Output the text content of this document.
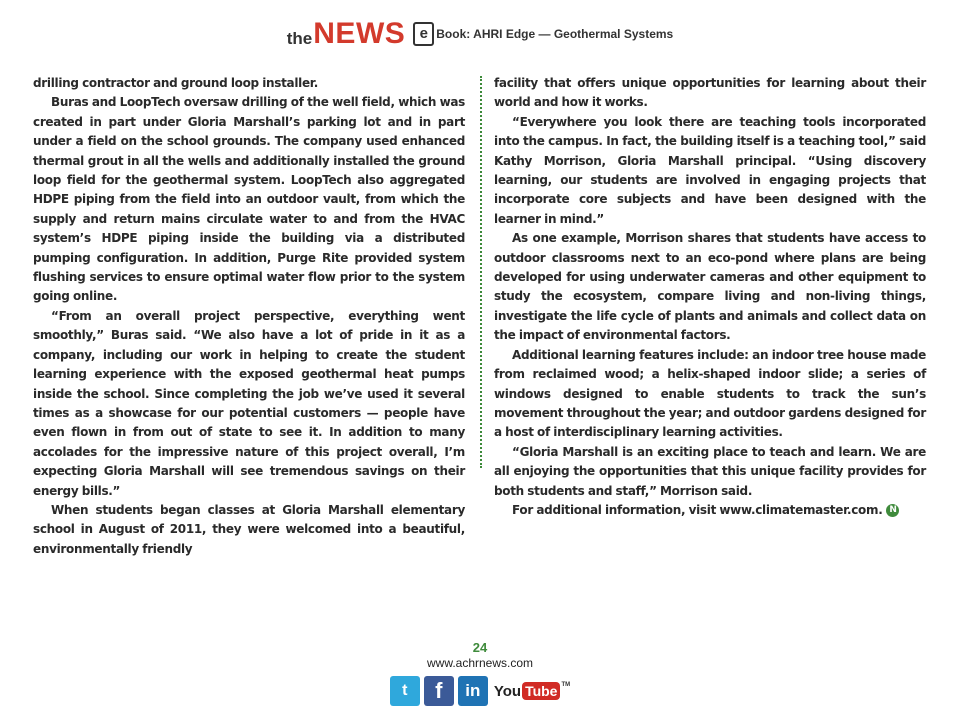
the NEWS e Book: AHRI Edge — Geothermal Systems

drilling contractor and ground loop installer.

Buras and LoopTech oversaw drilling of the well field, which was created in part under Gloria Marshall’s parking lot and in part under a field on the school grounds. The company used enhanced thermal grout in all the wells and additionally installed the ground loop field for the geothermal system. LoopTech also aggregated HDPE piping from the field into an outdoor vault, from which the supply and return mains circulate water to and from the HVAC system’s HDPE piping inside the building via a distributed pumping configuration. In addition, Purge Rite provided system flushing services to ensure optimal water flow prior to the system going online.

“From an overall project perspective, everything went smoothly,” Buras said. “We also have a lot of pride in it as a company, including our work in helping to create the student learning experience with the exposed geothermal heat pumps inside the school. Since completing the job we’ve used it several times as a showcase for our potential customers — people have even flown in from out of state to see it. In addition to many accolades for the impressive nature of this project overall, I’m expecting Gloria Marshall will see tremendous savings on their energy bills.”

When students began classes at Gloria Marshall elementary school in August of 2011, they were welcomed into a beautiful, environmentally friendly

facility that offers unique opportunities for learning about their world and how it works.

“Everywhere you look there are teaching tools incorporated into the campus. In fact, the building itself is a teaching tool,” said Kathy Morrison, Gloria Marshall principal. “Using discovery learning, our students are involved in engaging projects that incorporate core subjects and have been designed with the learner in mind.”

As one example, Morrison shares that students have access to outdoor classrooms next to an eco-pond where plans are being developed for using underwater cameras and other equipment to study the ecosystem, compare living and non-living things, investigate the life cycle of plants and animals and collect data on the impact of environmental factors.

Additional learning features include: an indoor tree house made from reclaimed wood; a helix-shaped indoor slide; a series of windows designed to enable students to track the sun’s movement throughout the year; and outdoor gardens designed for a host of interdisciplinary learning activities.

“Gloria Marshall is an exciting place to teach and learn. We are all enjoying the opportunities that this unique facility provides for both students and staff,” Morrison said.

For additional information, visit www.climatemaster.com. N

24
www.achrnews.com
t	f	in You Tube TM
